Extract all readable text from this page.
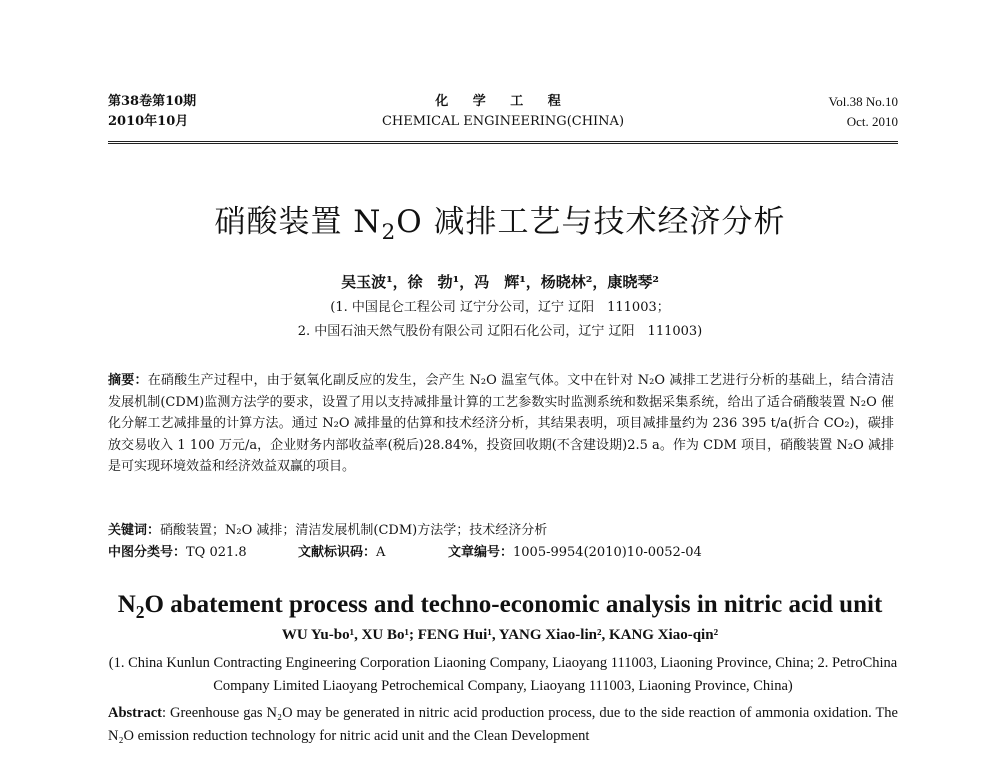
第38卷第10期
2010年10月
化 学 工 程
CHEMICAL ENGINEERING(CHINA)
Vol.38 No.10
Oct. 2010
硝酸装置 $N_2O$ 减排工艺与技术经济分析
吴玉波¹，徐　勃¹，冯　辉¹，杨晓林²，康晓琴²
(1. 中国昆仑工程公司 辽宁分公司，辽宁 辽阳　111003；
2. 中国石油天然气股份有限公司 辽阳石化公司，辽宁 辽阳　111003)
摘要：在硝酸生产过程中，由于氨氧化副反应的发生，会产生 N₂O 温室气体。文中在针对 N₂O 减排工艺进行分析的基础上，结合清洁发展机制(CDM)监测方法学的要求，设置了用以支持减排量计算的工艺参数实时监测系统和数据采集系统，给出了适合硝酸装置 N₂O 催化分解工艺减排量的计算方法。通过 N₂O 减排量的估算和技术经济分析，其结果表明，项目减排量约为 236 395 t/a(折合 CO₂)，碳排放交易收入 1 100 万元/a，企业财务内部收益率(税后)28.84%，投资回收期(不含建设期)2.5 a。作为 CDM 项目，硝酸装置 N₂O 减排是可实现环境效益和经济效益双赢的项目。
关键词：硝酸装置；N₂O 减排；清洁发展机制(CDM)方法学；技术经济分析
中图分类号：TQ 021.8	文献标识码：A	文章编号：1005-9954(2010)10-0052-04
$N_2O$ abatement process and techno-economic analysis in nitric acid unit
WU Yu-bo¹, XU Bo¹; FENG Hui¹, YANG Xiao-lin², KANG Xiao-qin²
(1. China Kunlun Contracting Engineering Corporation Liaoning Company, Liaoyang 111003, Liaoning Province, China; 2. PetroChina Company Limited Liaoyang Petrochemical Company, Liaoyang 111003, Liaoning Province, China)
Abstract: Greenhouse gas N₂O may be generated in nitric acid production process, due to the side reaction of ammonia oxidation. The N₂O emission reduction technology for nitric acid unit and the Clean Development
